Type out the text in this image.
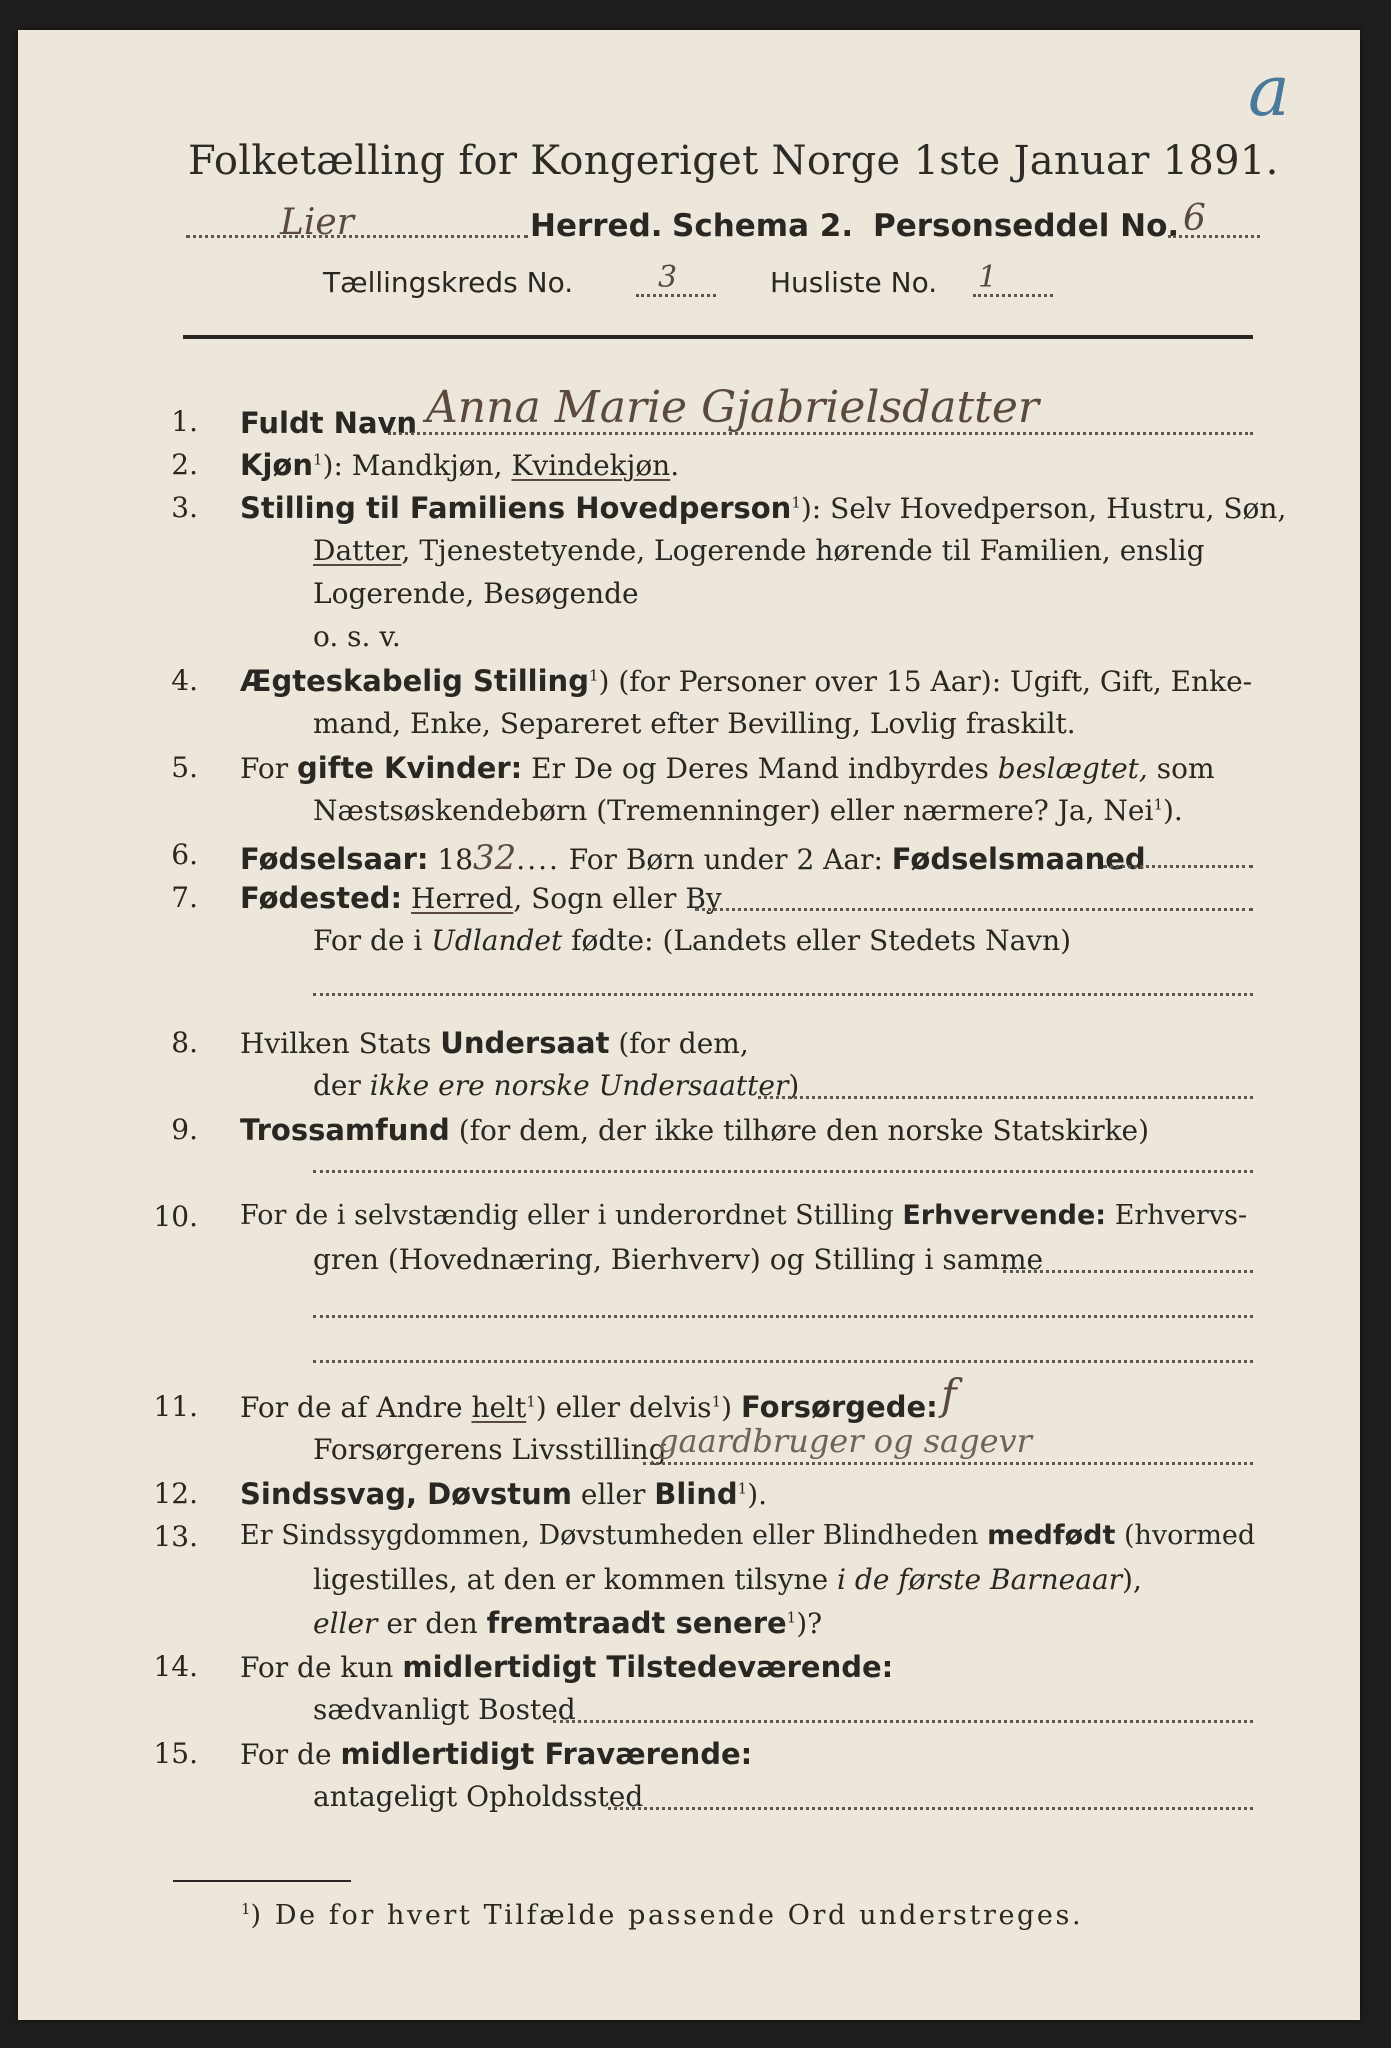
a
Folketælling for Kongeriget Norge 1ste Januar 1891.
Lier	Herred. Schema 2. Personseddel No. 6
Tællingskreds No.	3	Husliste No. 1
1. Fuldt Navn Anna Marie Gjabrielsdatter
2. Kjøn$^1$): Mandkjøn, Kvindekjøn.
3. Stilling til Familiens Hovedperson$^1$): Selv Hovedperson, Hustru, Søn,
Datter, Tjenestetyende, Logerende hørende til Familien, enslig
Logerende, Besøgende
o. s. v.
4. Ægteskabelig Stilling$^1$) (for Personer over 15 Aar): Ugift, Gift, Enke-
mand, Enke, Separeret efter Bevilling, Lovlig fraskilt.
5. For gifte Kvinder: Er De og Deres Mand indbyrdes beslægtet, som
Næstsøskendebørn (Tremenninger) eller nærmere? Ja, Nei$^1$).
6. Fødselsaar: 1832.... For Børn under 2 Aar: Fødselsmaaned
7. Fødested: Herred, Sogn eller By
For de i Udlandet fødte: (Landets eller Stedets Navn)
8. Hvilken Stats Undersaat (for dem,
der ikke ere norske Undersaatter)
9. Trossamfund (for dem, der ikke tilhøre den norske Statskirke)
10. For de i selvstændig eller i underordnet Stilling Erhvervende: Erhvervs-
gren (Hovednæring, Bierhverv) og Stilling i samme
11. For de af Andre helt$^1$) eller delvis$^1$) Forsørgede: f
Forsørgerens Livsstilling
gaardbruger og sagevr
12. Sindssvag, Døvstum eller Blind$^1$).
13. Er Sindssygdommen, Døvstumheden eller Blindheden medfødt (hvormed
ligestilles, at den er kommen tilsyne i de første Barneaar),
eller er den fremtraadt senere$^1$)?
14. For de kun midlertidigt Tilstedeværende:
sædvanligt Bosted
15. For de midlertidigt Fraværende:
antageligt Opholdssted
$^1$) De for hvert Tilfælde passende Ord understreges.
